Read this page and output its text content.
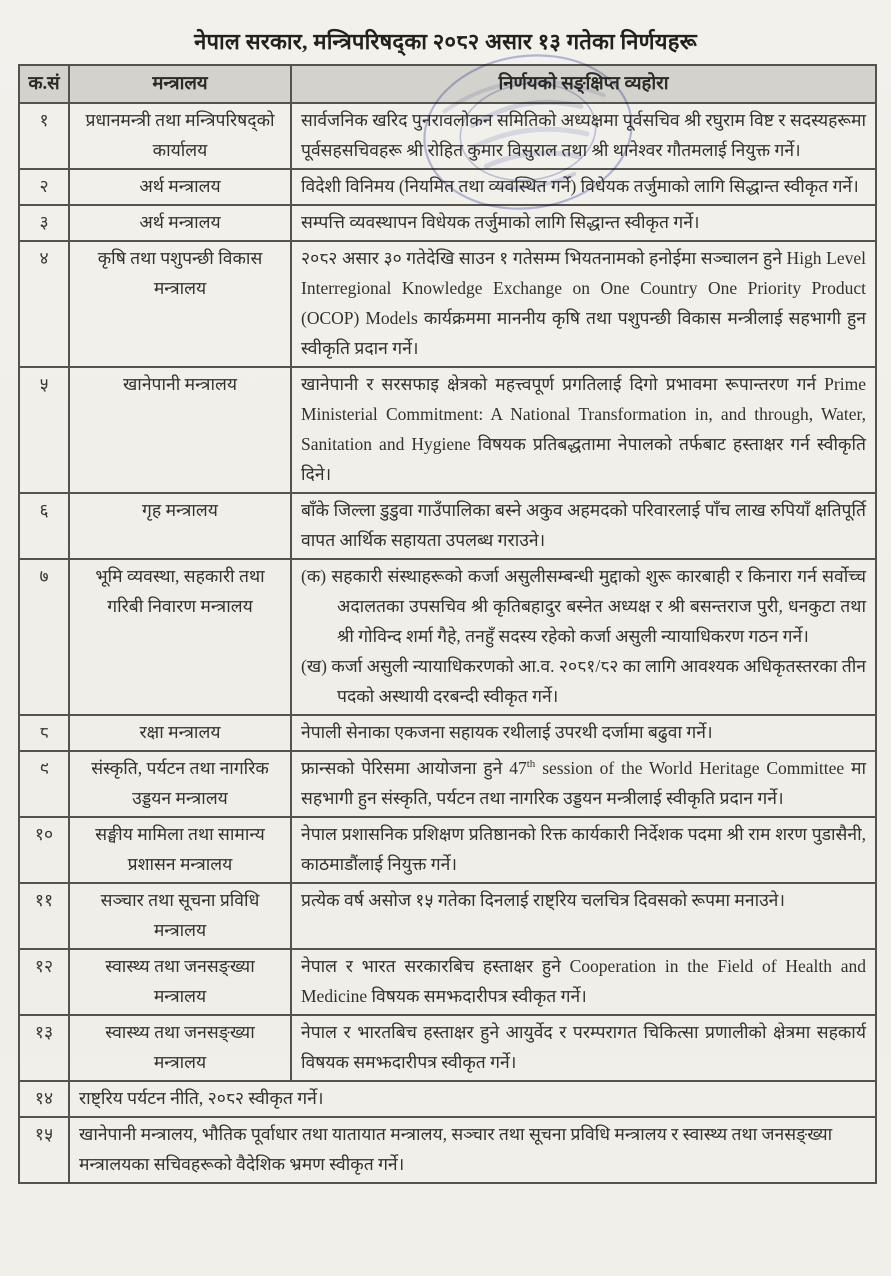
नेपाल सरकार, मन्त्रिपरिषद्का २०८२ असार १३ गतेका निर्णयहरू
क.सं	मन्त्रालय	निर्णयको सङ्क्षिप्त व्यहोरा
१	प्रधानमन्त्री तथा मन्त्रिपरिषद्को कार्यालय	सार्वजनिक खरिद पुनरावलोकन समितिको अध्यक्षमा पूर्वसचिव श्री रघुराम विष्ट र सदस्यहरूमा पूर्वसहसचिवहरू श्री रोहित कुमार विसुराल तथा श्री थानेश्वर गौतमलाई नियुक्त गर्ने।
२	अर्थ मन्त्रालय	विदेशी विनिमय (नियमित तथा व्यवस्थित गर्ने) विधेयक तर्जुमाको लागि सिद्धान्त स्वीकृत गर्ने।
३	अर्थ मन्त्रालय	सम्पत्ति व्यवस्थापन विधेयक तर्जुमाको लागि सिद्धान्त स्वीकृत गर्ने।
४	कृषि तथा पशुपन्छी विकास मन्त्रालय	२०८२ असार ३० गतेदेखि साउन १ गतेसम्म भियतनामको हनोईमा सञ्चालन हुने High Level Interregional Knowledge Exchange on One Country One Priority Product (OCOP) Models कार्यक्रममा माननीय कृषि तथा पशुपन्छी विकास मन्त्रीलाई सहभागी हुन स्वीकृति प्रदान गर्ने।
५	खानेपानी मन्त्रालय	खानेपानी र सरसफाइ क्षेत्रको महत्त्वपूर्ण प्रगतिलाई दिगो प्रभावमा रूपान्तरण गर्न Prime Ministerial Commitment: A National Transformation in, and through, Water, Sanitation and Hygiene विषयक प्रतिबद्धतामा नेपालको तर्फबाट हस्ताक्षर गर्न स्वीकृति दिने।
६	गृह मन्त्रालय	बाँके जिल्ला डुडुवा गाउँपालिका बस्ने अकुव अहमदको परिवारलाई पाँच लाख रुपियाँ क्षतिपूर्ति वापत आर्थिक सहायता उपलब्ध गराउने।
७	भूमि व्यवस्था, सहकारी तथा गरिबी निवारण मन्त्रालय	(क) सहकारी संस्थाहरूको कर्जा असुलीसम्बन्धी मुद्दाको शुरू कारबाही र किनारा गर्न सर्वोच्च अदालतका उपसचिव श्री कृतिबहादुर बस्नेत अध्यक्ष र श्री बसन्तराज पुरी, धनकुटा तथा श्री गोविन्द शर्मा गैहे, तनहुँ सदस्य रहेको कर्जा असुली न्यायाधिकरण गठन गर्ने।
(ख) कर्जा असुली न्यायाधिकरणको आ.व. २०८१/८२ का लागि आवश्यक अधिकृतस्तरका तीन पदको अस्थायी दरबन्दी स्वीकृत गर्ने।

८	रक्षा मन्त्रालय	नेपाली सेनाका एकजना सहायक रथीलाई उपरथी दर्जामा बढुवा गर्ने।
९	संस्कृति, पर्यटन तथा नागरिक उड्डयन मन्त्रालय	फ्रान्सको पेरिसमा आयोजना हुने 47th session of the World Heritage Committee मा सहभागी हुन संस्कृति, पर्यटन तथा नागरिक उड्डयन मन्त्रीलाई स्वीकृति प्रदान गर्ने।
१०	सङ्घीय मामिला तथा सामान्य प्रशासन मन्त्रालय	नेपाल प्रशासनिक प्रशिक्षण प्रतिष्ठानको रिक्त कार्यकारी निर्देशक पदमा श्री राम शरण पुडासैनी, काठमाडौंलाई नियुक्त गर्ने।
११	सञ्चार तथा सूचना प्रविधि मन्त्रालय	प्रत्येक वर्ष असोज १५ गतेका दिनलाई राष्ट्रिय चलचित्र दिवसको रूपमा मनाउने।
१२	स्वास्थ्य तथा जनसङ्ख्या मन्त्रालय	नेपाल र भारत सरकारबिच हस्ताक्षर हुने Cooperation in the Field of Health and Medicine विषयक समझदारीपत्र स्वीकृत गर्ने।
१३	स्वास्थ्य तथा जनसङ्ख्या मन्त्रालय	नेपाल र भारतबिच हस्ताक्षर हुने आयुर्वेद र परम्परागत चिकित्सा प्रणालीको क्षेत्रमा सहकार्य विषयक समझदारीपत्र स्वीकृत गर्ने।
१४	राष्ट्रिय पर्यटन नीति, २०८२ स्वीकृत गर्ने।	
१५	खानेपानी मन्त्रालय, भौतिक पूर्वाधार तथा यातायात मन्त्रालय, सञ्चार तथा सूचना प्रविधि मन्त्रालय र स्वास्थ्य तथा जनसङ्ख्या मन्त्रालयका सचिवहरूको वैदेशिक भ्रमण स्वीकृत गर्ने।	
